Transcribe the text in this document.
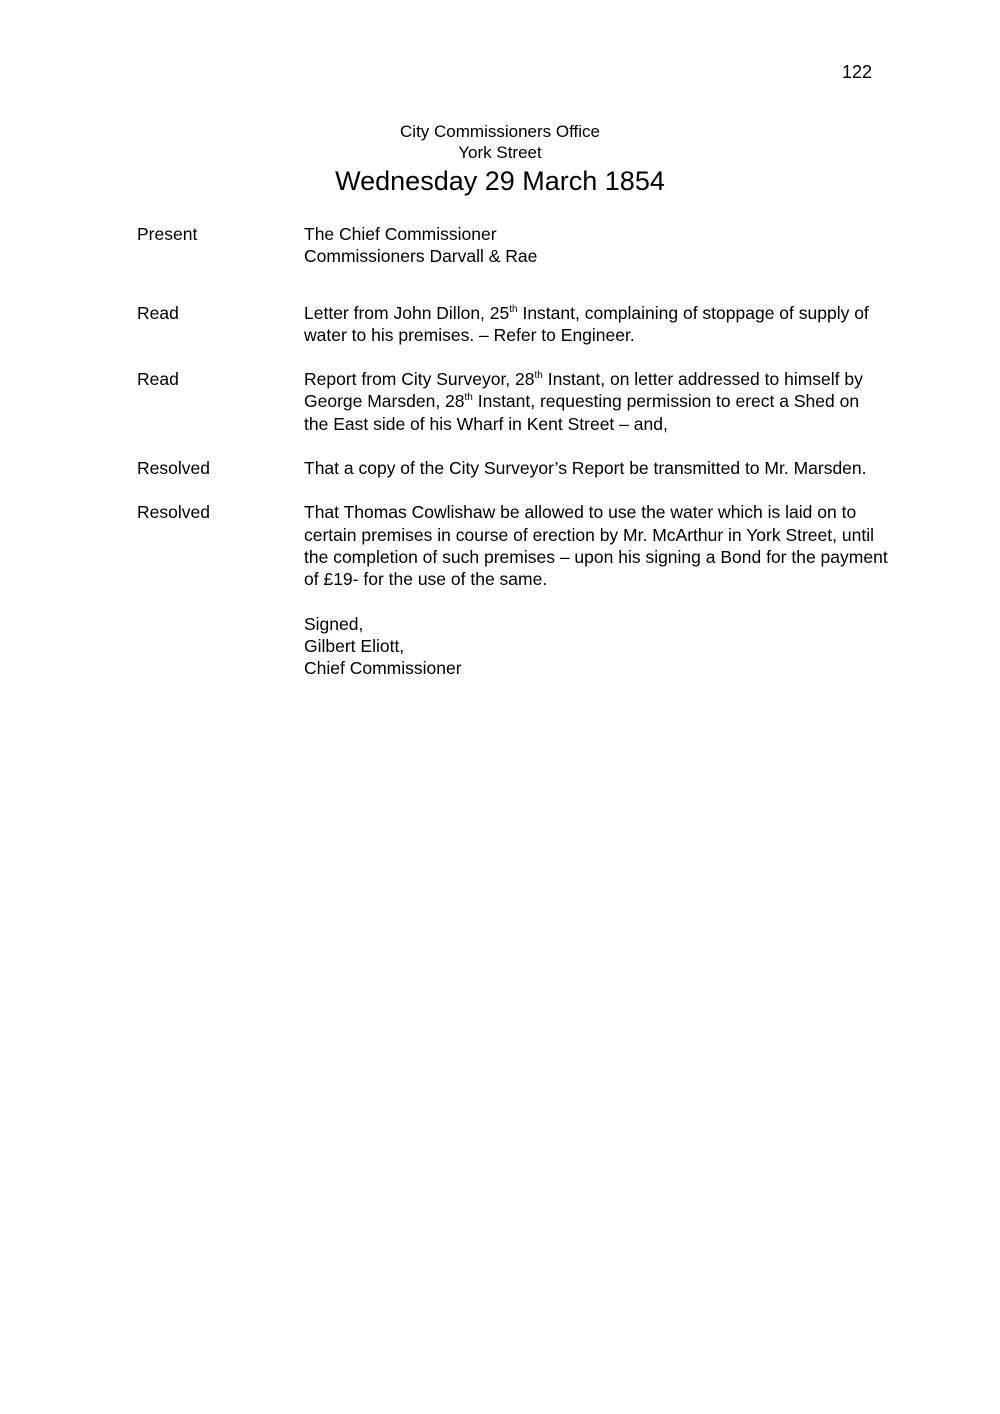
122
City Commissioners Office
York Street
Wednesday 29 March 1854
Present	The Chief Commissioner
Commissioners Darvall & Rae
Read	Letter from John Dillon, 25th Instant, complaining of stoppage of supply of
water to his premises. – Refer to Engineer.
Read	Report from City Surveyor, 28th Instant, on letter addressed to himself by
George Marsden, 28th Instant, requesting permission to erect a Shed on
the East side of his Wharf in Kent Street – and,
Resolved	That a copy of the City Surveyor’s Report be transmitted to Mr. Marsden.
Resolved	That Thomas Cowlishaw be allowed to use the water which is laid on to
certain premises in course of erection by Mr. McArthur in York Street, until
the completion of such premises – upon his signing a Bond for the payment
of £19- for the use of the same.
Signed,
Gilbert Eliott,
Chief Commissioner
